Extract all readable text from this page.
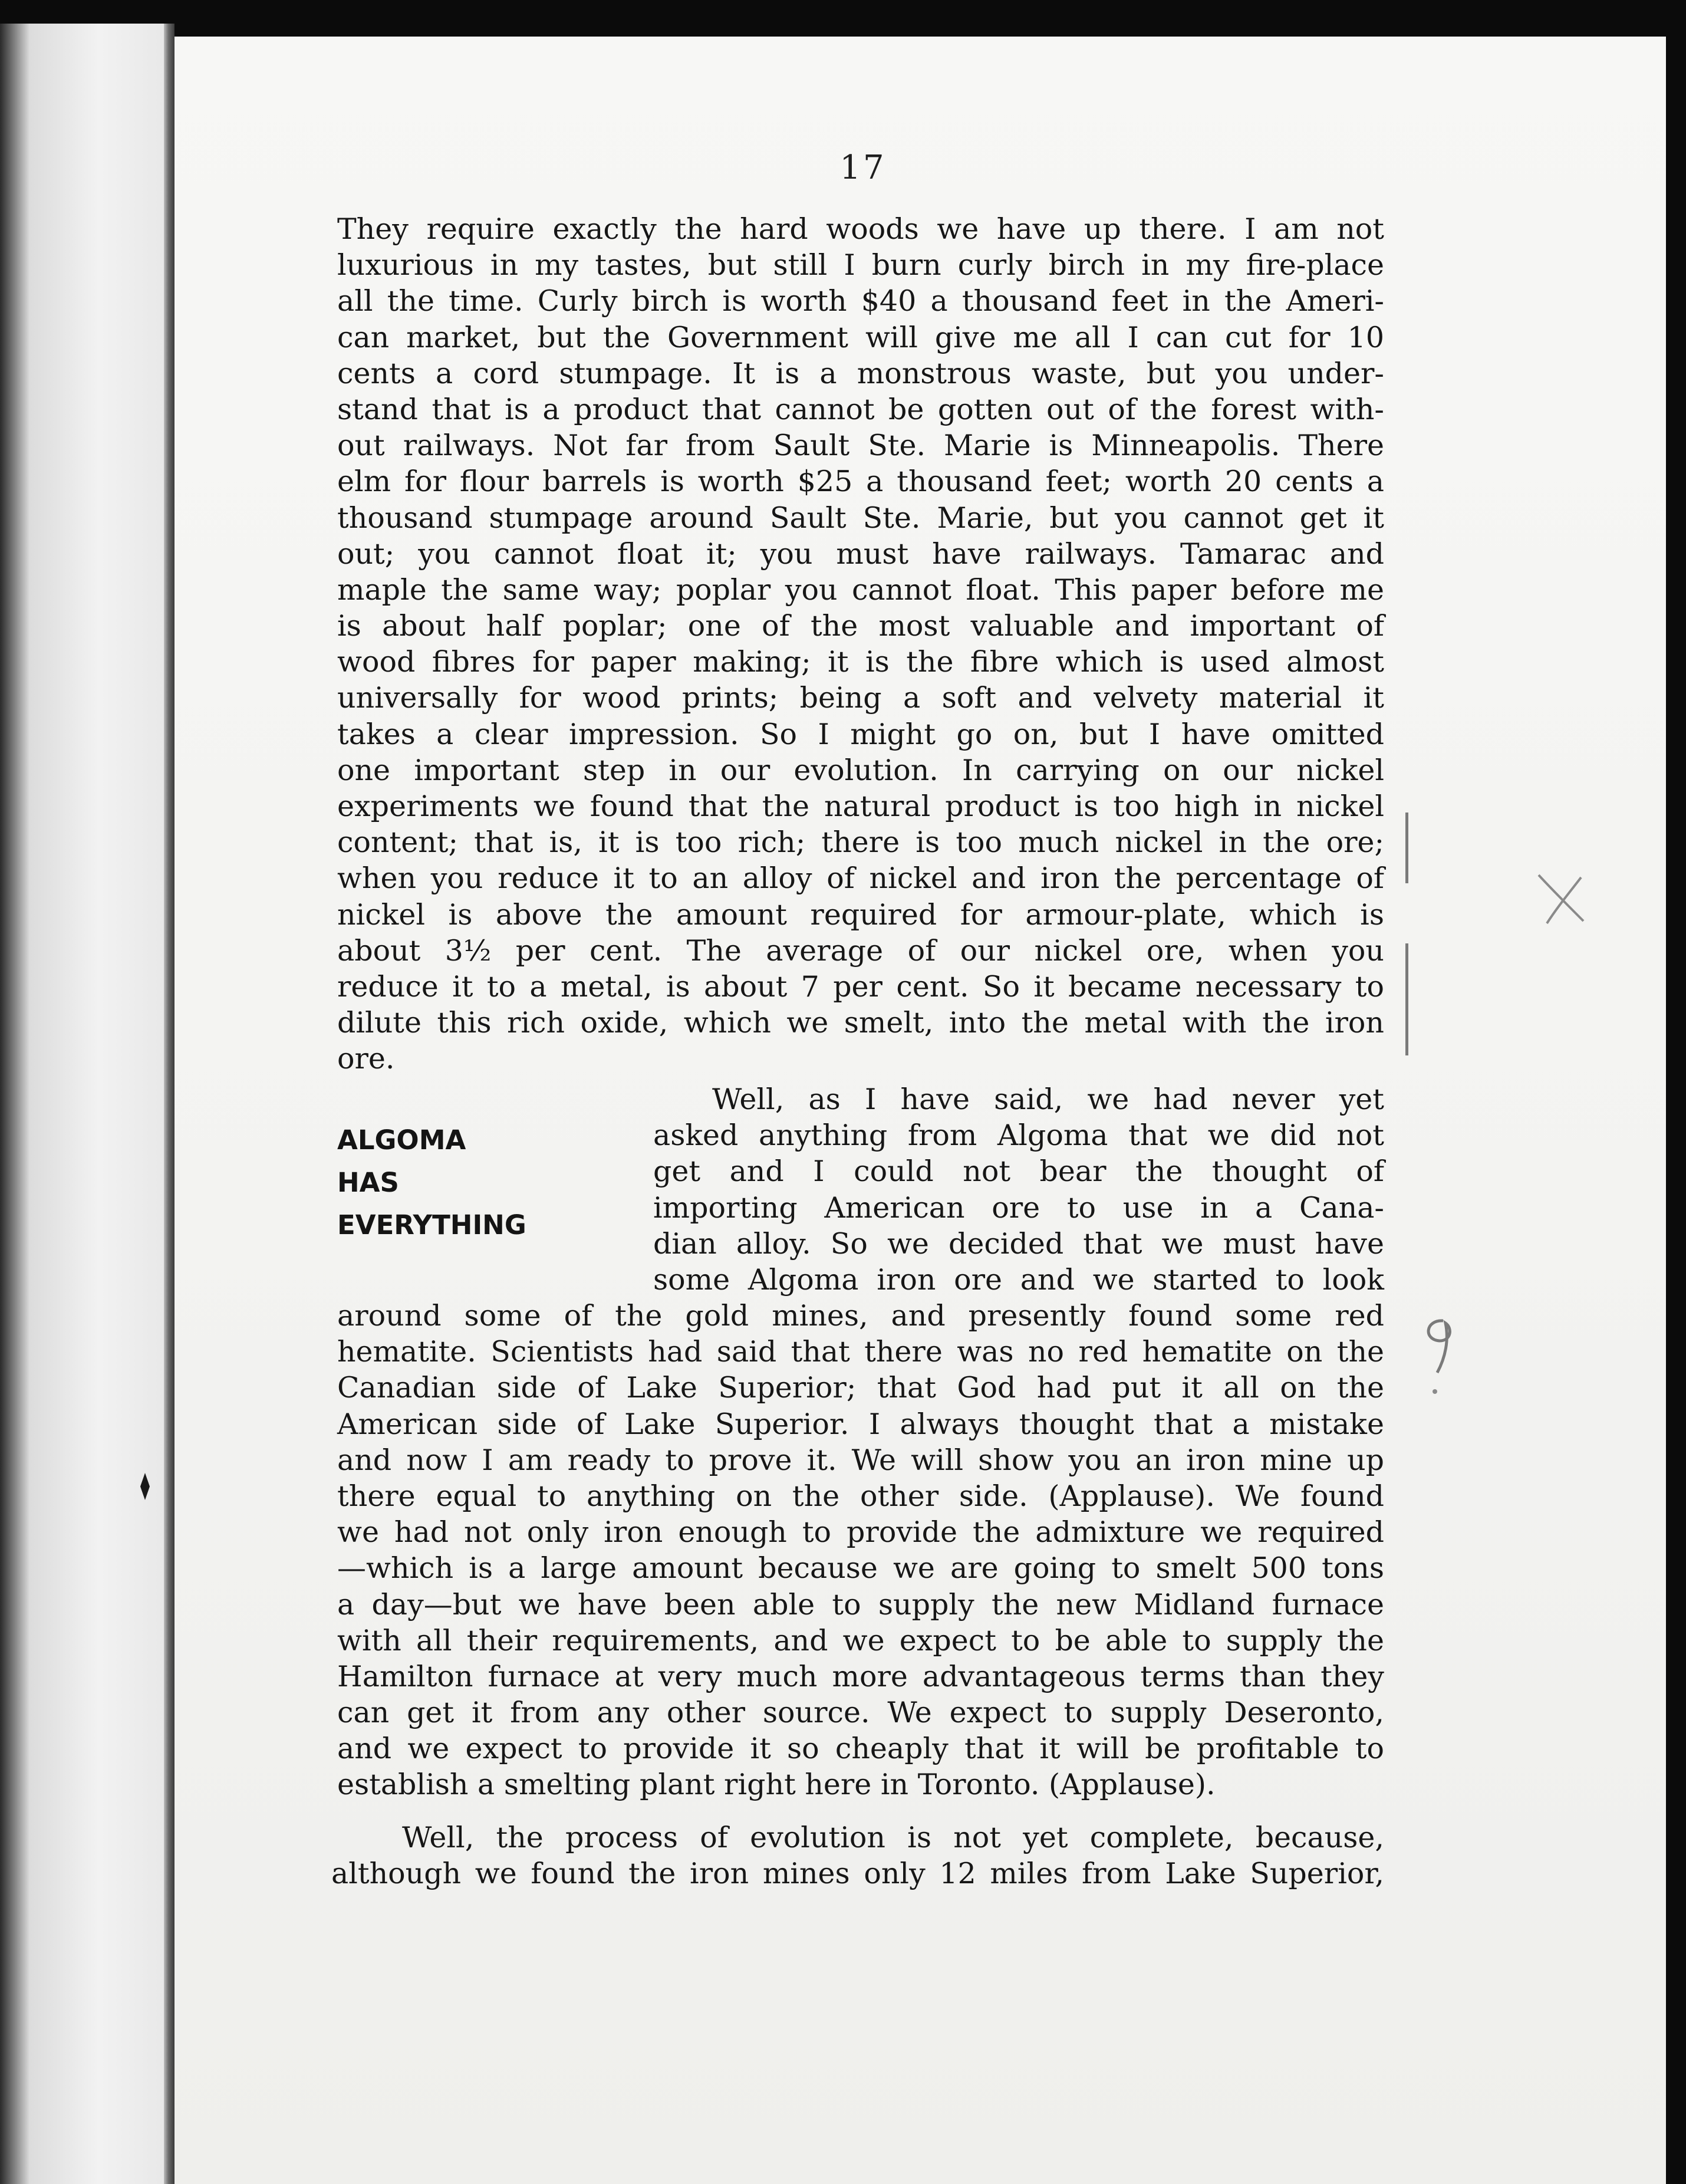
17
They require exactly the hard woods we have up there. I am not
luxurious in my tastes, but still I burn curly birch in my fire-place
all the time. Curly birch is worth $40 a thousand feet in the Ameri-
can market, but the Government will give me all I can cut for 10
cents a cord stumpage. It is a monstrous waste, but you under-
stand that is a product that cannot be gotten out of the forest with-
out railways. Not far from Sault Ste. Marie is Minneapolis. There
elm for flour barrels is worth $25 a thousand feet; worth 20 cents a
thousand stumpage around Sault Ste. Marie, but you cannot get it
out; you cannot float it; you must have railways. Tamarac and
maple the same way; poplar you cannot float. This paper before me
is about half poplar; one of the most valuable and important of
wood fibres for paper making; it is the fibre which is used almost
universally for wood prints; being a soft and velvety material it
takes a clear impression. So I might go on, but I have omitted
one important step in our evolution. In carrying on our nickel
experiments we found that the natural product is too high in nickel
content; that is, it is too rich; there is too much nickel in the ore;
when you reduce it to an alloy of nickel and iron the percentage of
nickel is above the amount required for armour-plate, which is
about 3½ per cent. The average of our nickel ore, when you
reduce it to a metal, is about 7 per cent. So it became necessary to
dilute this rich oxide, which we smelt, into the metal with the iron
ore.
ALGOMA
HAS
EVERYTHING
Well, as I have said, we had never yet
asked anything from Algoma that we did not
get and I could not bear the thought of
importing American ore to use in a Cana-
dian alloy. So we decided that we must have
some Algoma iron ore and we started to look
around some of the gold mines, and presently found some red
hematite. Scientists had said that there was no red hematite on the
Canadian side of Lake Superior; that God had put it all on the
American side of Lake Superior. I always thought that a mistake
and now I am ready to prove it. We will show you an iron mine up
there equal to anything on the other side. (Applause). We found
we had not only iron enough to provide the admixture we required
—which is a large amount because we are going to smelt 500 tons
a day—but we have been able to supply the new Midland furnace
with all their requirements, and we expect to be able to supply the
Hamilton furnace at very much more advantageous terms than they
can get it from any other source. We expect to supply Deseronto,
and we expect to provide it so cheaply that it will be profitable to
establish a smelting plant right here in Toronto. (Applause).
Well, the process of evolution is not yet complete, because,
although we found the iron mines only 12 miles from Lake Superior,
